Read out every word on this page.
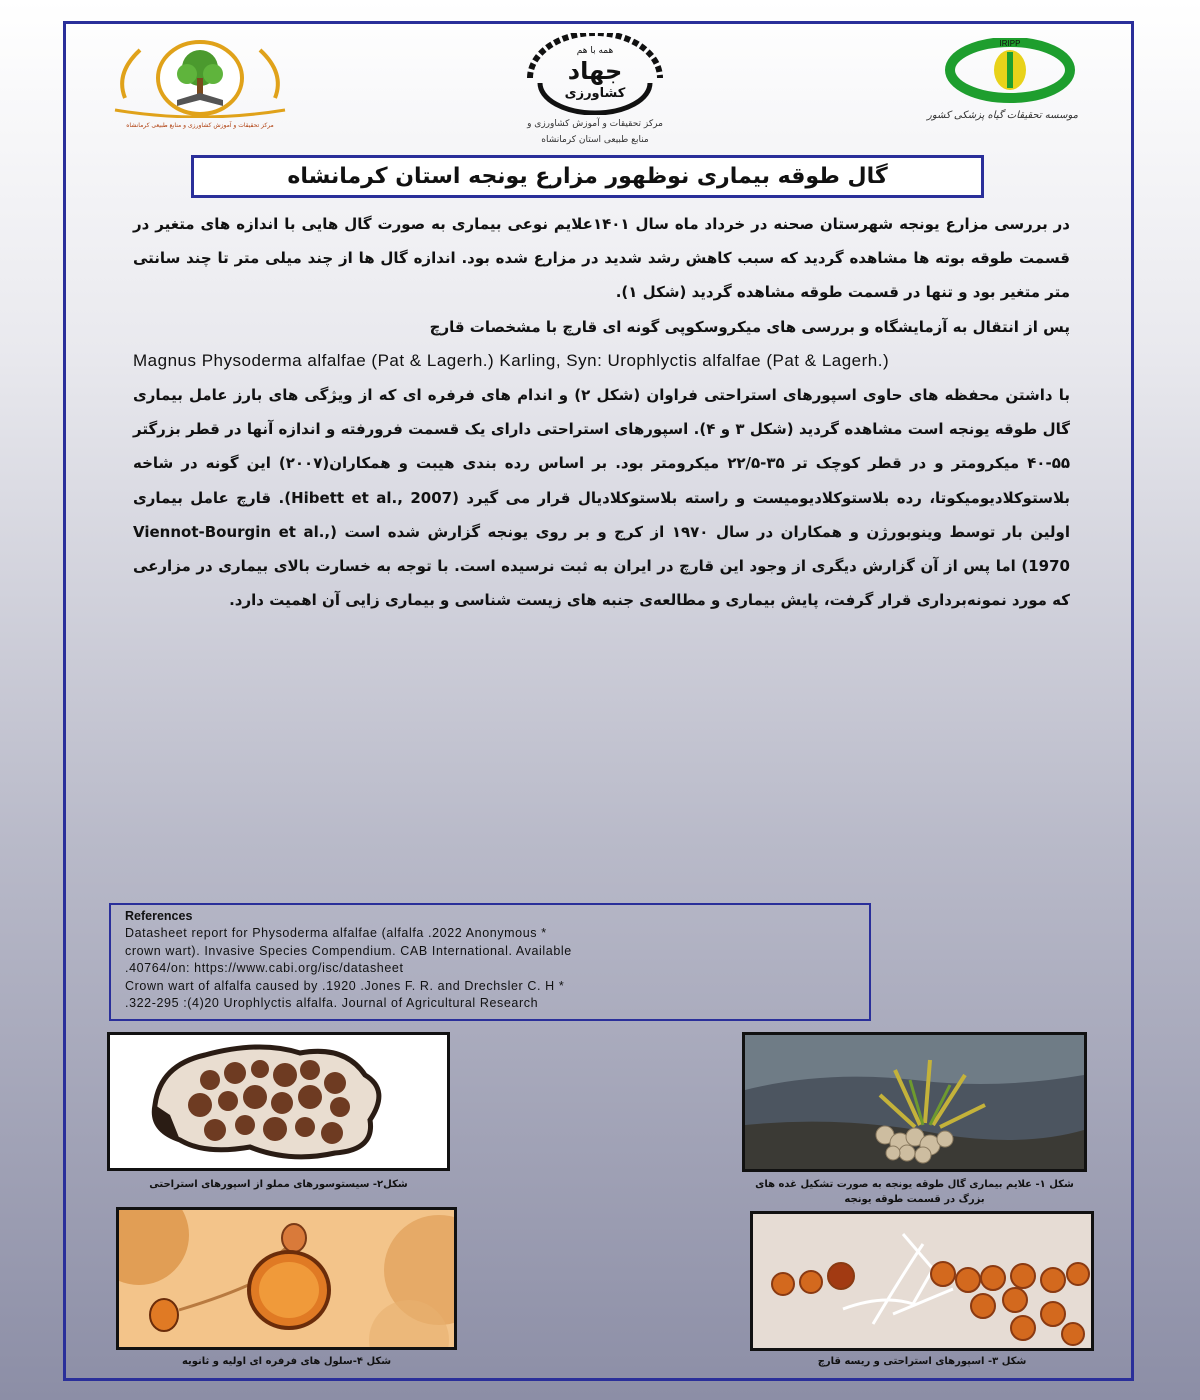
مرکز تحقیقات و آموزش کشاورزی و منابع طبیعی کرمانشاه
همه با هم
جهاد
کشاورزی
مرکز تحقیقات و آموزش کشاورزی و
منابع طبیعی استان کرمانشاه
IRIPP
موسسه تحقیقات گیاه پزشکی کشور
گال طوقه بیماری نوظهور مزارع یونجه استان کرمانشاه

در بررسی مزارع یونجه شهرستان صحنه در خرداد ماه سال ۱۴۰۱علایم نوعی بیماری به صورت گال هایی با اندازه های متغیر در قسمت طوقه بوته ها مشاهده گردید که سبب کاهش رشد شدید در مزارع شده بود. اندازه گال ها از چند میلی متر تا چند سانتی متر متغیر بود و تنها در قسمت طوقه مشاهده گردید (شکل ۱).

پس از انتقال به آزمایشگاه و بررسی های میکروسکوپی گونه ای قارچ با مشخصات قارچ

Magnus Physoderma alfalfae (Pat & Lagerh.) Karling, Syn: Urophlyctis alfalfae (Pat & Lagerh.)

با داشتن محفظه های حاوی اسپورهای استراحتی فراوان (شکل ۲) و اندام های فرفره ای که از ویژگی های بارز عامل بیماری گال طوقه یونجه است مشاهده گردید (شکل ۳ و ۴). اسپورهای استراحتی دارای یک قسمت فرورفته و اندازه آنها در قطر بزرگتر ۵۵-۴۰ میکرومتر و در قطر کوچک تر ۳۵-۲۲/۵ میکرومتر بود. بر اساس رده بندی هیبت و همکاران(۲۰۰۷) این گونه در شاخه بلاستوکلادیومیکوتا، رده بلاستوکلادیومیست و راسته بلاستوکلادیال قرار می گیرد (Hibett et al., 2007). قارچ عامل بیماری اولین بار توسط وینوبورژن و همکاران در سال ۱۹۷۰ از کرج و بر روی یونجه گزارش شده است (Viennot-Bourgin et al., 1970) اما پس از آن گزارش دیگری از وجود این قارچ در ایران به ثبت نرسیده است. با توجه به خسارت بالای بیماری در مزارعی که مورد نمونه‌برداری قرار گرفت، پایش بیماری و مطالعه‌ی جنبه های زیست شناسی و بیماری زایی آن اهمیت دارد.

References
Datasheet report for Physoderma alfalfae (alfalfa .2022 Anonymous *
crown wart). Invasive Species Compendium. CAB International. Available
.40764/on: https://www.cabi.org/isc/datasheet
Crown wart of alfalfa caused by .1920 .Jones F. R. and Drechsler C. H *
.322-295 :(4)20 Urophlyctis alfalfa. Journal of Agricultural Research
شکل۲- سیستوسورهای مملو از اسپورهای استراحتی	شکل ۱- علایم بیماری گال طوقه یونجه به صورت تشکیل غده های بزرگ در قسمت طوقه یونجه
شکل ۴-سلول های فرفره ای اولیه و ثانویه	شکل ۳- اسپورهای استراحتی و ریسه قارچ
